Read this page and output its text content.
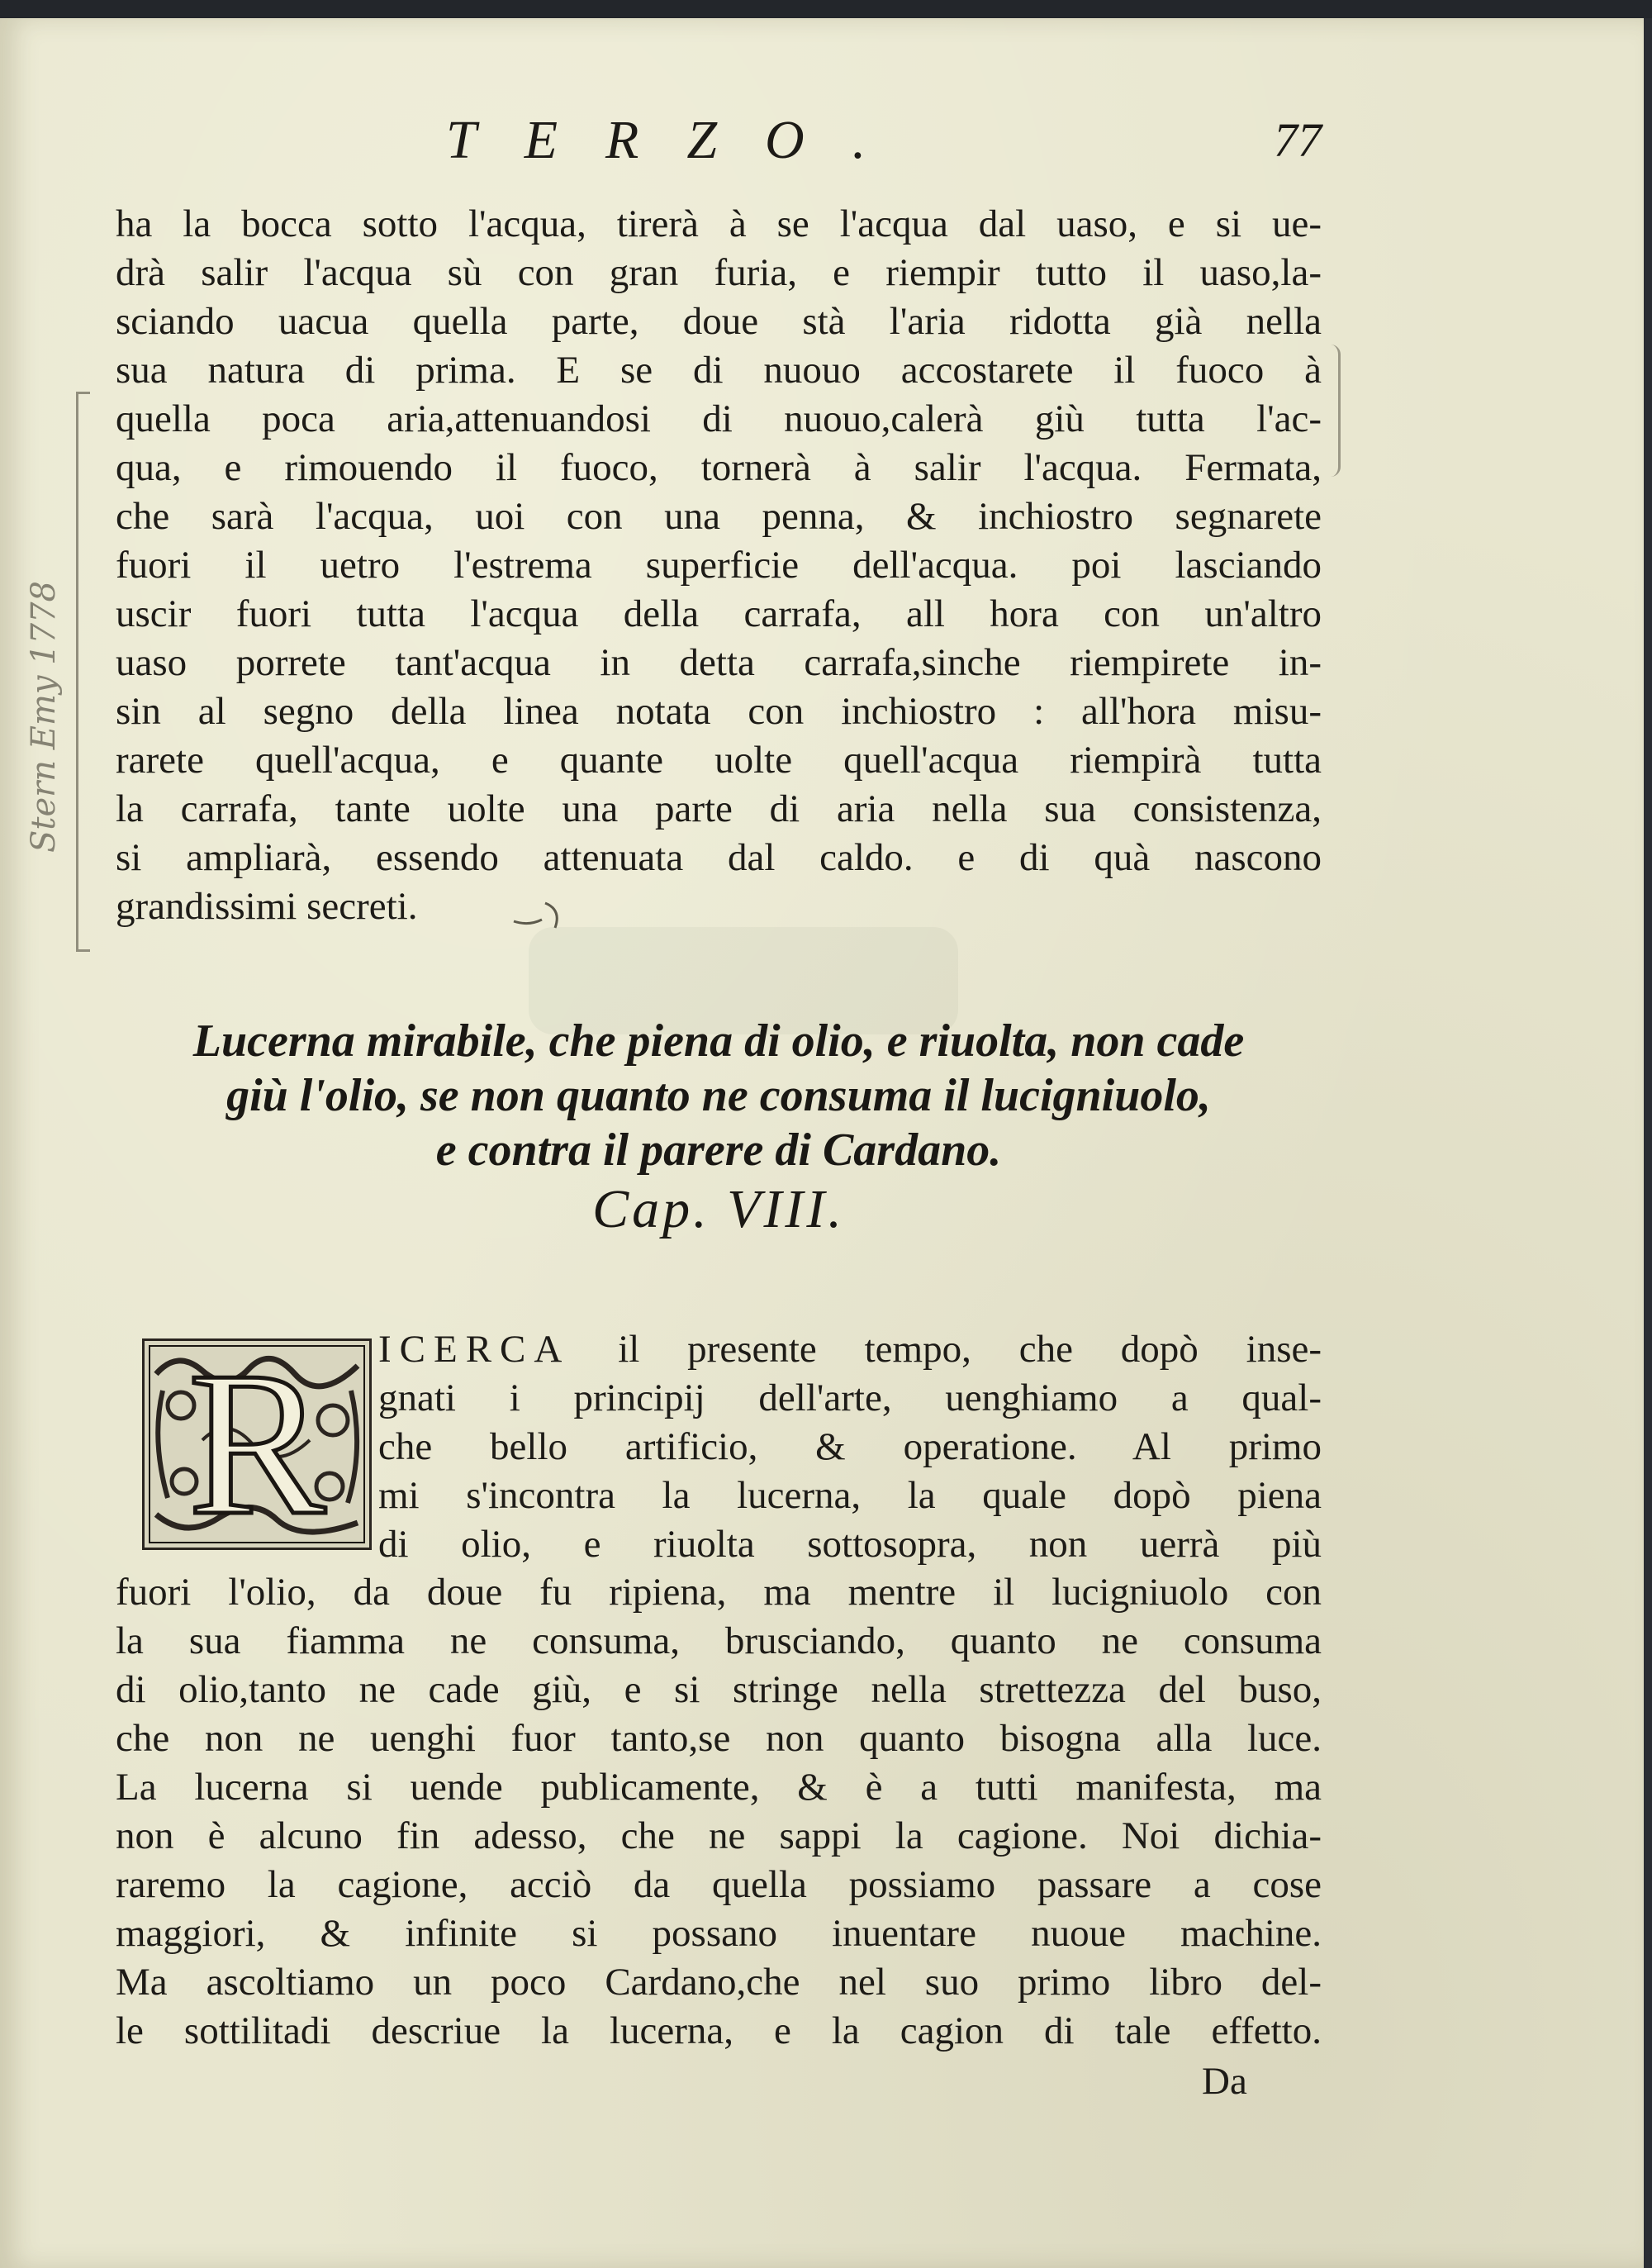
TERZO.	77
Stern Emy 1778
ha la bocca sotto l'acqua, tirerà à se l'acqua dal uaso, e si ue-
drà salir l'acqua sù con gran furia, e riempir tutto il uaso,la-
sciando uacua quella parte, doue stà l'aria ridotta già nella
sua natura di prima. E se di nuouo accostarete il fuoco à
quella poca aria,attenuandosi di nuouo,calerà giù tutta l'ac-
qua, e rimouendo il fuoco, tornerà à salir l'acqua. Fermata,
che sarà l'acqua, uoi con una penna, & inchiostro segnarete
fuori il uetro l'estrema superficie dell'acqua. poi lasciando
uscir fuori tutta l'acqua della carrafa, all hora con un'altro
uaso porrete tant'acqua in detta carrafa,sinche riempirete in-
sin al segno della linea notata con inchiostro : all'hora misu-
rarete quell'acqua, e quante uolte quell'acqua riempirà tutta
la carrafa, tante uolte una parte di aria nella sua consistenza,
si ampliarà, essendo attenuata dal caldo. e di quà nascono
grandissimi secreti.
Lucerna mirabile, che piena di olio, e riuolta, non cade
giù l'olio, se non quanto ne consuma il lucigniuolo,
e contra il parere di Cardano.
Cap. VIII.
R	ICERCA il presente tempo, che dopò inse-
gnati i principij dell'arte, uenghiamo a qual-
che bello artificio, & operatione. Al primo
mi s'incontra la lucerna, la quale dopò piena
di olio, e riuolta sottosopra, non uerrà più
fuori l'olio, da doue fu ripiena, ma mentre il lucigniuolo con
la sua fiamma ne consuma, brusciando, quanto ne consuma
di olio,tanto ne cade giù, e si stringe nella strettezza del buso,
che non ne uenghi fuor tanto,se non quanto bisogna alla luce.
La lucerna si uende publicamente, & è a tutti manifesta, ma
non è alcuno fin adesso, che ne sappi la cagione. Noi dichia-
raremo la cagione, acciò da quella possiamo passare a cose
maggiori, & infinite si possano inuentare nuoue machine.
Ma ascoltiamo un poco Cardano,che nel suo primo libro del-
le sottilitadi descriue la lucerna, e la cagion di tale effetto.
Da
